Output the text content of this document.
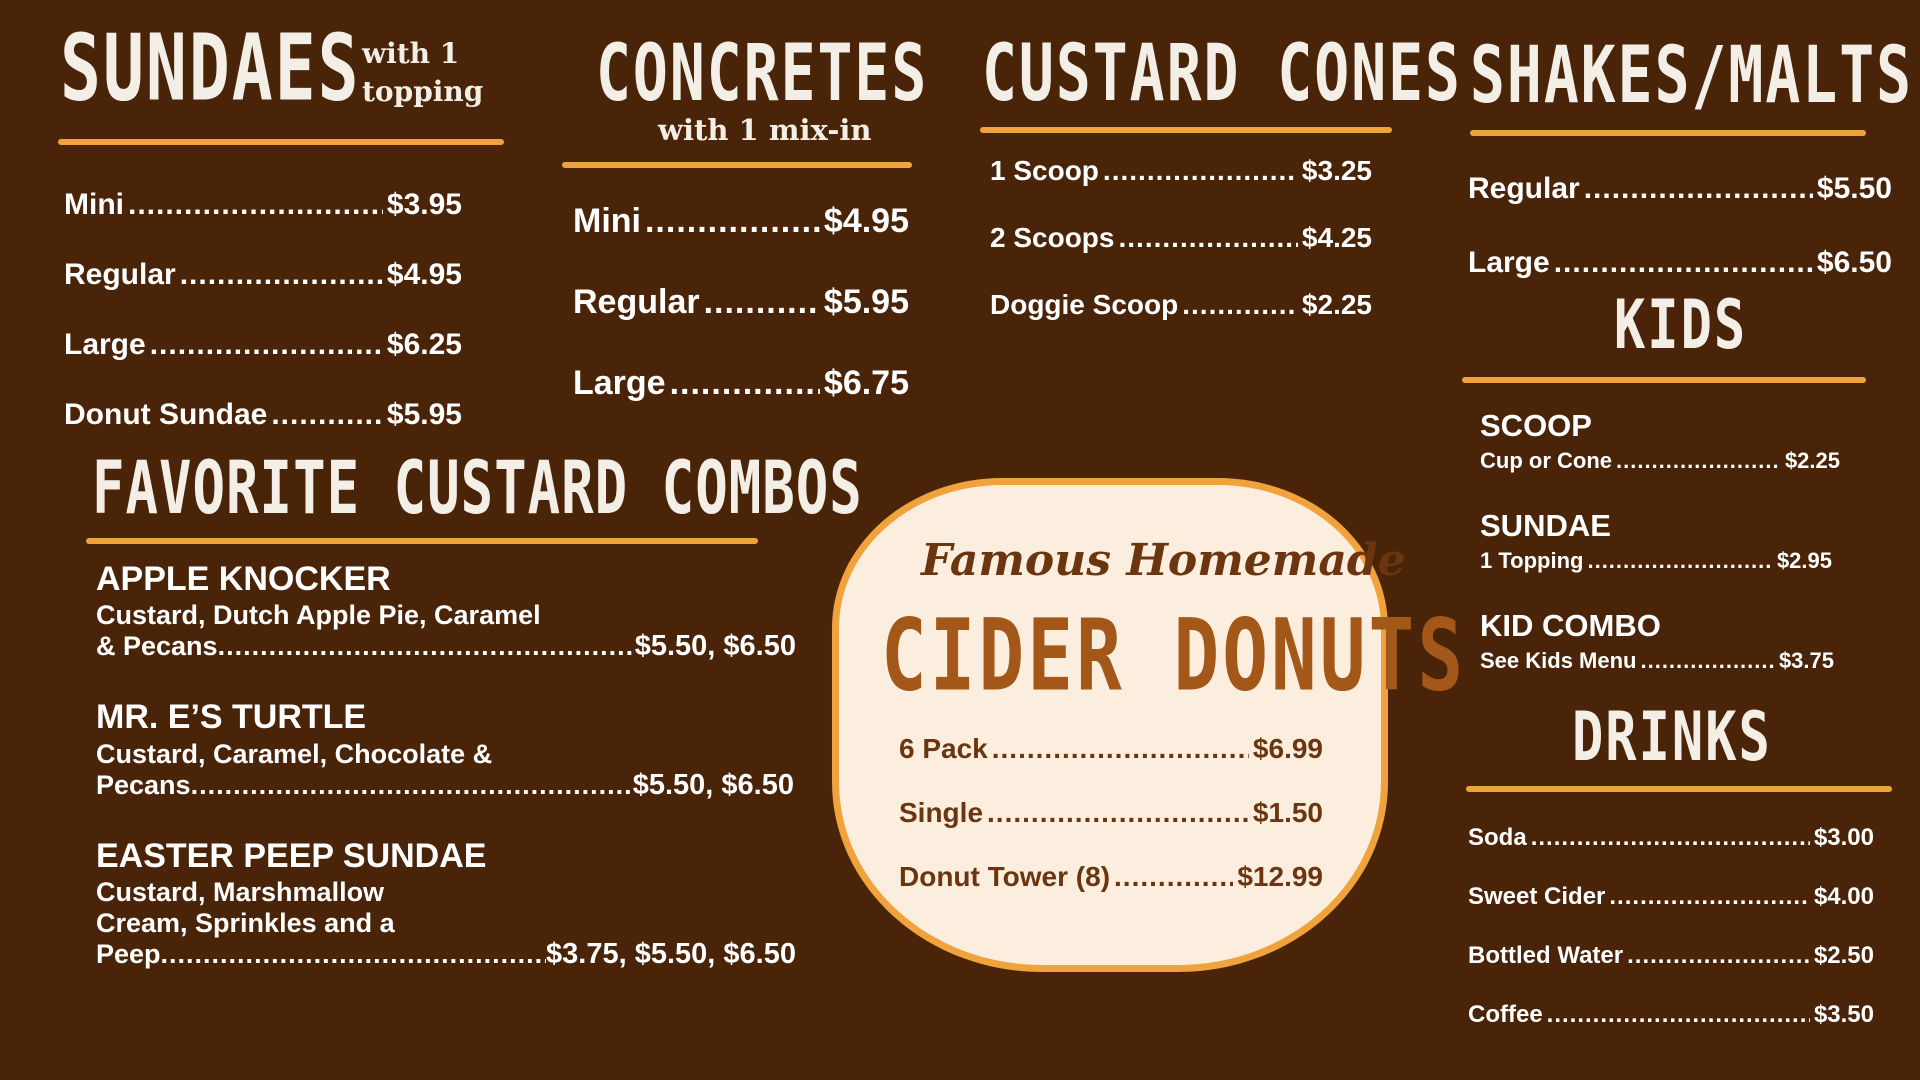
SUNDAES with 1
topping
Mini .....	$3.95
Regular .....	$4.95
Large .....	$6.25
Donut Sundae .....	$5.95
CONCRETES
with 1 mix-in
Mini .....	$4.95
Regular .....	$5.95
Large .....	$6.75
CUSTARD CONES
1 Scoop .....	$3.25
2 Scoops .....	$4.25
Doggie Scoop .....	$2.25
SHAKES/MALTS
Regular .....	$5.50
Large .....	$6.50
KIDS
SCOOP
Cup or Cone .....	$2.25
SUNDAE
1 Topping .....	$2.95
KID COMBO
See Kids Menu .....	$3.75
DRINKS
Soda .....	$3.00
Sweet Cider .....	$4.00
Bottled Water .....	$2.50
Coffee .....	$3.50
FAVORITE CUSTARD COMBOS
APPLE KNOCKER
Custard, Dutch Apple Pie, Caramel
& Pecans .....	$5.50, $6.50
MR. E’S TURTLE
Custard, Caramel, Chocolate &
Pecans .....	$5.50, $6.50
EASTER PEEP SUNDAE
Custard, Marshmallow
Cream, Sprinkles and a
Peep .....	$3.75, $5.50, $6.50
Famous Homemade
CIDER DONUTS
6 Pack .....	$6.99
Single .....	$1.50
Donut Tower (8) .....	$12.99
